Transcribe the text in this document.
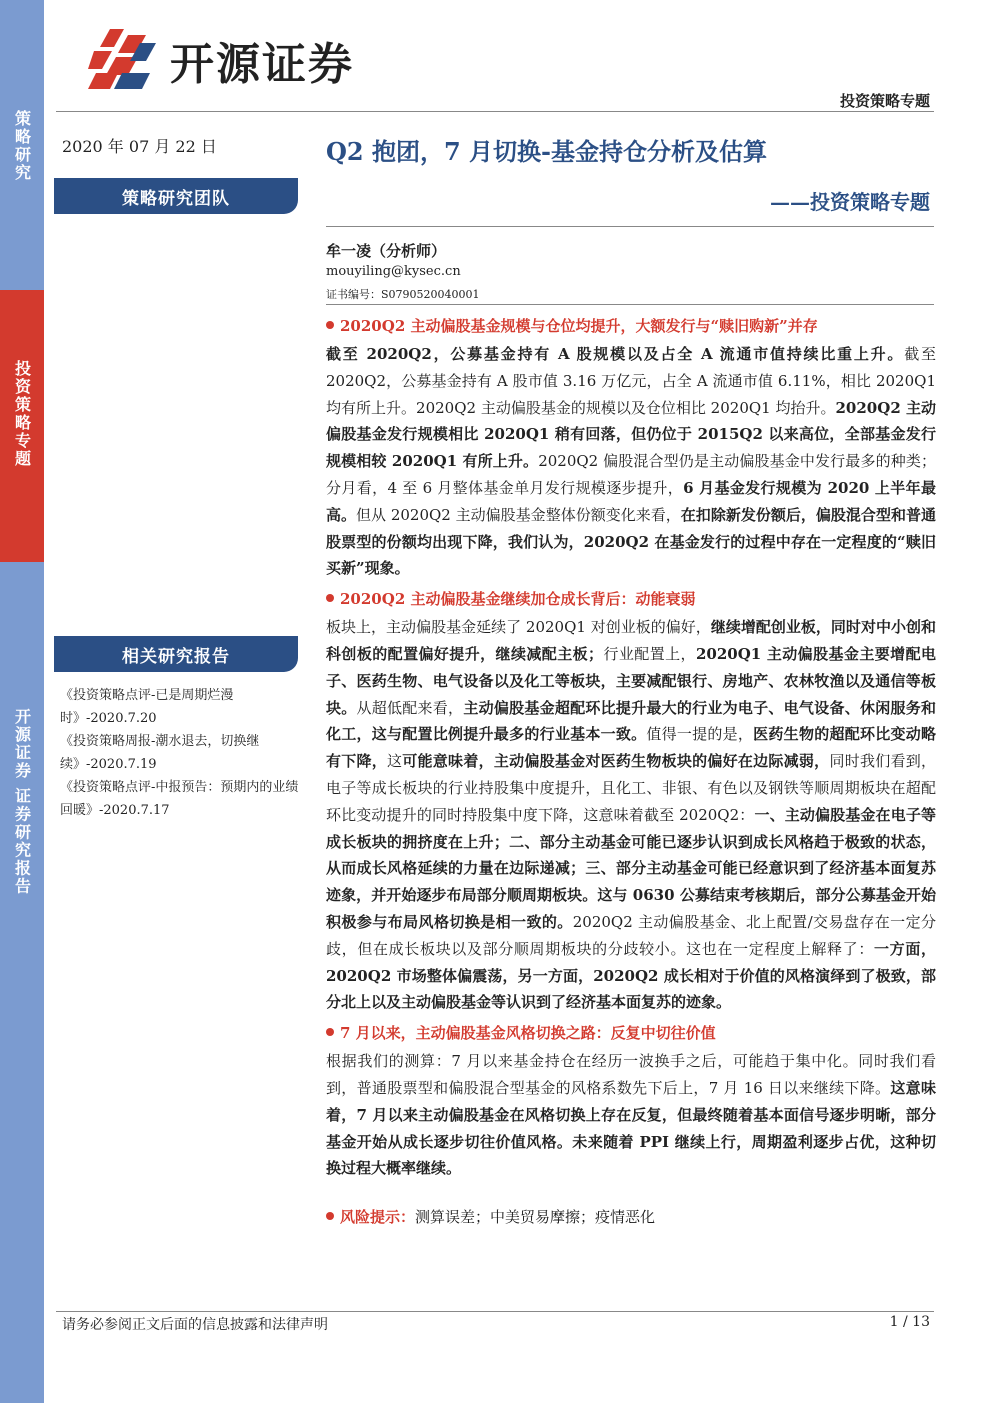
策略研究
投资策略专题
开源证券 证券研究报告
开源证券
投资策略专题
2020 年 07 月 22 日
策略研究团队
相关研究报告
《投资策略点评-已是周期烂漫时》-2020.7.20
《投资策略周报-潮水退去，切换继续》-2020.7.19
《投资策略点评-中报预告：预期内的业绩回暖》-2020.7.17
Q2 抱团，7 月切换-基金持仓分析及估算
——投资策略专题
牟一凌（分析师）
mouyiling@kysec.cn
证书编号：S0790520040001
2020Q2 主动偏股基金规模与仓位均提升，大额发行与“赎旧购新”并存

截至 2020Q2，公募基金持有 A 股规模以及占全 A 流通市值持续比重上升。截至 2020Q2，公募基金持有 A 股市值 3.16 万亿元，占全 A 流通市值 6.11%，相比 2020Q1 均有所上升。2020Q2 主动偏股基金的规模以及仓位相比 2020Q1 均抬升。2020Q2 主动偏股基金发行规模相比 2020Q1 稍有回落，但仍位于 2015Q2 以来高位，全部基金发行规模相较 2020Q1 有所上升。2020Q2 偏股混合型仍是主动偏股基金中发行最多的种类；分月看，4 至 6 月整体基金单月发行规模逐步提升，6 月基金发行规模为 2020 上半年最高。但从 2020Q2 主动偏股基金整体份额变化来看，在扣除新发份额后，偏股混合型和普通股票型的份额均出现下降，我们认为，2020Q2 在基金发行的过程中存在一定程度的“赎旧买新”现象。

2020Q2 主动偏股基金继续加仓成长背后：动能衰弱

板块上，主动偏股基金延续了 2020Q1 对创业板的偏好，继续增配创业板，同时对中小创和科创板的配置偏好提升，继续减配主板；行业配置上，2020Q1 主动偏股基金主要增配电子、医药生物、电气设备以及化工等板块，主要减配银行、房地产、农林牧渔以及通信等板块。从超低配来看，主动偏股基金超配环比提升最大的行业为电子、电气设备、休闲服务和化工，这与配置比例提升最多的行业基本一致。值得一提的是，医药生物的超配环比变动略有下降，这可能意味着，主动偏股基金对医药生物板块的偏好在边际减弱，同时我们看到，电子等成长板块的行业持股集中度提升，且化工、非银、有色以及钢铁等顺周期板块在超配环比变动提升的同时持股集中度下降，这意味着截至 2020Q2：一、主动偏股基金在电子等成长板块的拥挤度在上升；二、部分主动基金可能已逐步认识到成长风格趋于极致的状态，从而成长风格延续的力量在边际递减；三、部分主动基金可能已经意识到了经济基本面复苏迹象，并开始逐步布局部分顺周期板块。这与 0630 公募结束考核期后，部分公募基金开始积极参与布局风格切换是相一致的。2020Q2 主动偏股基金、北上配置/交易盘存在一定分歧，但在成长板块以及部分顺周期板块的分歧较小。这也在一定程度上解释了：一方面，2020Q2 市场整体偏震荡，另一方面，2020Q2 成长相对于价值的风格演绎到了极致，部分北上以及主动偏股基金等认识到了经济基本面复苏的迹象。

7 月以来，主动偏股基金风格切换之路：反复中切往价值

根据我们的测算：7 月以来基金持仓在经历一波换手之后，可能趋于集中化。同时我们看到，普通股票型和偏股混合型基金的风格系数先下后上，7 月 16 日以来继续下降。这意味着，7 月以来主动偏股基金在风格切换上存在反复，但最终随着基本面信号逐步明晰，部分基金开始从成长逐步切往价值风格。未来随着 PPI 继续上行，周期盈利逐步占优，这种切换过程大概率继续。

风险提示：测算误差；中美贸易摩擦；疫情恶化
请务必参阅正文后面的信息披露和法律声明	1 / 13
